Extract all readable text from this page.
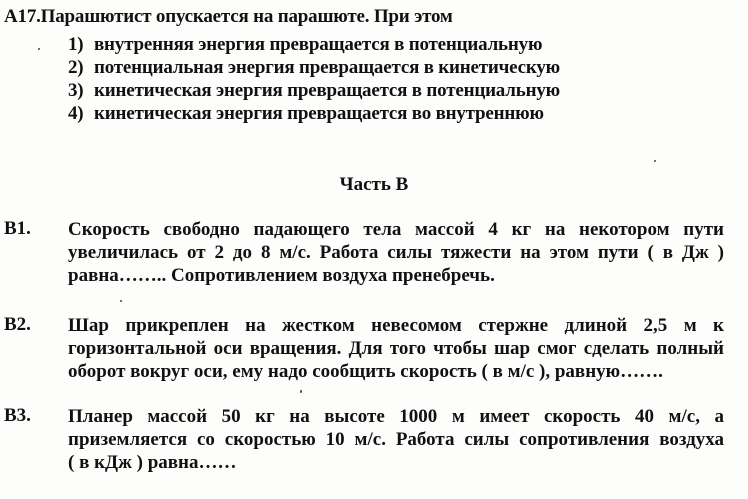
А17.Парашютист опускается на парашюте. При этом
1) внутренняя энергия превращается в потенциальную
2) потенциальная энергия превращается в кинетическую
3) кинетическая энергия превращается в потенциальную
4) кинетическая энергия превращается во внутреннюю
Часть В
В1. Скорость свободно падающего тела массой 4 кг на некотором пути
увеличилась от 2 до 8 м/с. Работа силы тяжести на этом пути ( в Дж )
равна…….. Сопротивлением воздуха пренебречь.
В2. Шар прикреплен на жестком невесомом стержне длиной 2,5 м к
горизонтальной оси вращения. Для того чтобы шар смог сделать полный
оборот вокруг оси, ему надо сообщить скорость ( в м/с ), равную…….
В3. Планер массой 50 кг на высоте 1000 м имеет скорость 40 м/с, а
приземляется со скоростью 10 м/с. Работа силы сопротивления воздуха
( в кДж ) равна……
